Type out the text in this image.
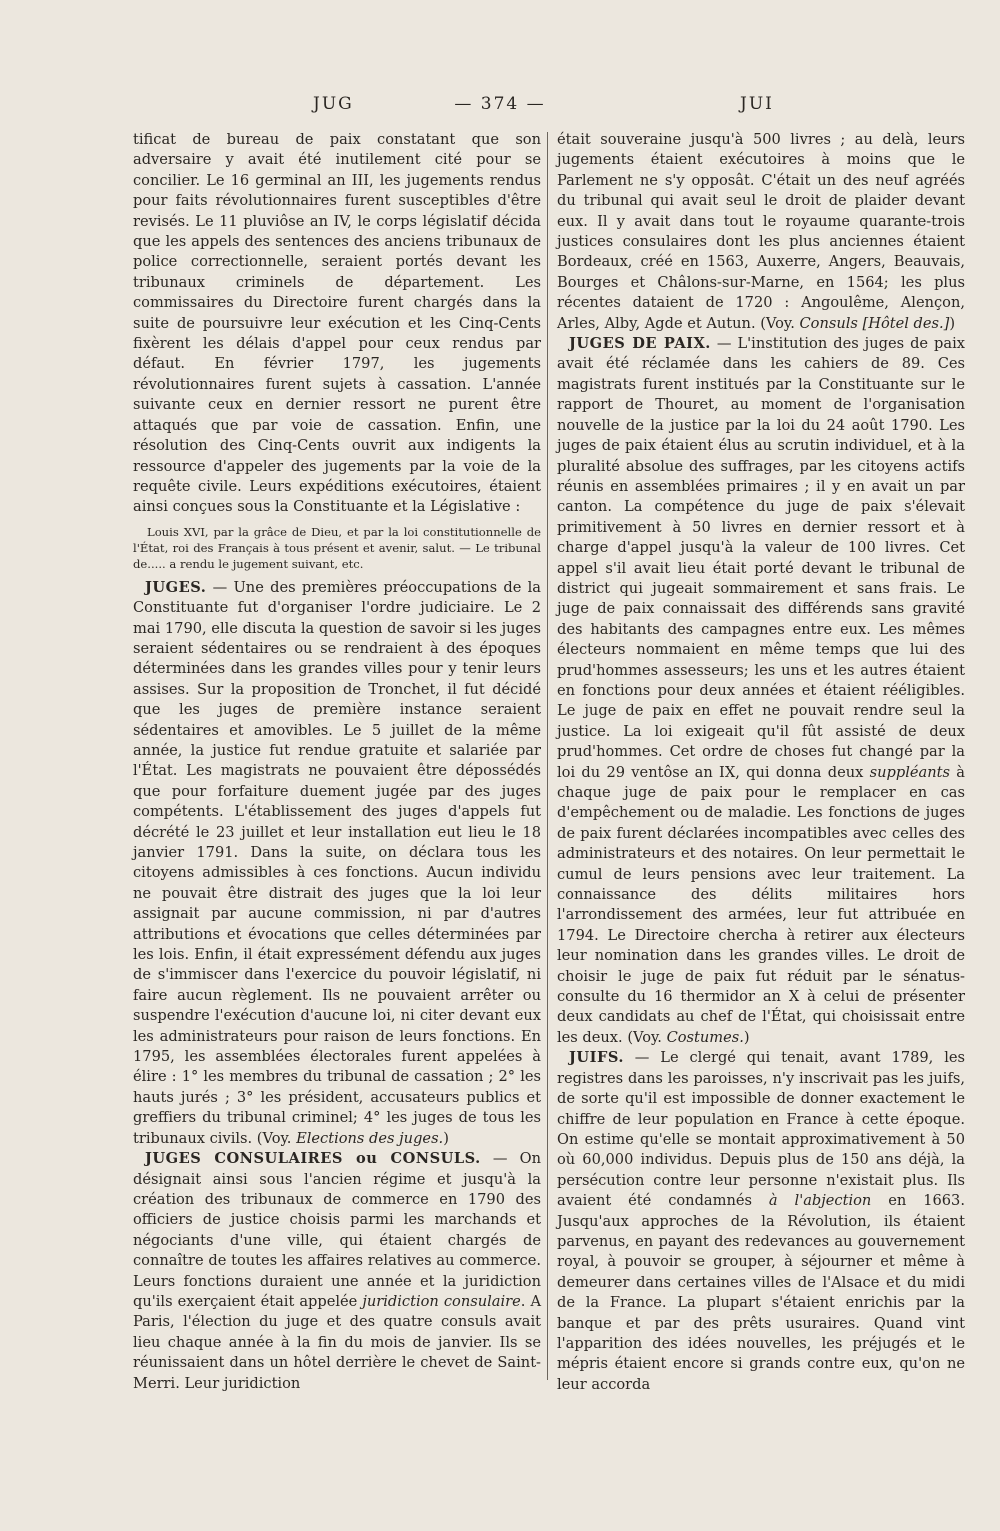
JUG	— 374 —	JUI

tificat de bureau de paix constatant que son adversaire y avait été inutilement cité pour se concilier. Le 16 germinal an III, les jugements rendus pour faits révolutionnaires furent susceptibles d'être revisés. Le 11 pluviôse an IV, le corps législatif décida que les appels des sentences des anciens tribunaux de police correctionnelle, seraient portés devant les tribunaux criminels de département. Les commissaires du Directoire furent chargés dans la suite de poursuivre leur exécution et les Cinq-Cents fixèrent les délais d'appel pour ceux rendus par défaut. En février 1797, les jugements révolutionnaires furent sujets à cassation. L'année suivante ceux en dernier ressort ne purent être attaqués que par voie de cassation. Enfin, une résolution des Cinq-Cents ouvrit aux indigents la ressource d'appeler des jugements par la voie de la requête civile. Leurs expéditions exécutoires, étaient ainsi conçues sous la Constituante et la Législative :

Louis XVI, par la grâce de Dieu, et par la loi constitutionnelle de l'État, roi des Français à tous présent et avenir, salut. — Le tribunal de..... a rendu le jugement suivant, etc.

JUGES. — Une des premières préoccupations de la Constituante fut d'organiser l'ordre judiciaire. Le 2 mai 1790, elle discuta la question de savoir si les juges seraient sédentaires ou se rendraient à des époques déterminées dans les grandes villes pour y tenir leurs assises. Sur la proposition de Tronchet, il fut décidé que les juges de première instance seraient sédentaires et amovibles. Le 5 juillet de la même année, la justice fut rendue gratuite et salariée par l'État. Les magistrats ne pouvaient être dépossédés que pour forfaiture duement jugée par des juges compétents. L'établissement des juges d'appels fut décrété le 23 juillet et leur installation eut lieu le 18 janvier 1791. Dans la suite, on déclara tous les citoyens admissibles à ces fonctions. Aucun individu ne pouvait être distrait des juges que la loi leur assignait par aucune commission, ni par d'autres attributions et évocations que celles déterminées par les lois. Enfin, il était expressément défendu aux juges de s'immiscer dans l'exercice du pouvoir législatif, ni faire aucun règlement. Ils ne pouvaient arrêter ou suspendre l'exécution d'aucune loi, ni citer devant eux les administrateurs pour raison de leurs fonctions. En 1795, les assemblées électorales furent appelées à élire : 1° les membres du tribunal de cassation ; 2° les hauts jurés ; 3° les président, accusateurs publics et greffiers du tribunal criminel; 4° les juges de tous les tribunaux civils. (Voy. Elections des juges.)

JUGES CONSULAIRES ou CONSULS. — On désignait ainsi sous l'ancien régime et jusqu'à la création des tribunaux de commerce en 1790 des officiers de justice choisis parmi les marchands et négociants d'une ville, qui étaient chargés de connaître de toutes les affaires relatives au commerce. Leurs fonctions duraient une année et la juridiction qu'ils exerçaient était appelée juridiction consulaire. A Paris, l'élection du juge et des quatre consuls avait lieu chaque année à la fin du mois de janvier. Ils se réunissaient dans un hôtel derrière le chevet de Saint-Merri. Leur juridiction

était souveraine jusqu'à 500 livres ; au delà, leurs jugements étaient exécutoires à moins que le Parlement ne s'y opposât. C'était un des neuf agréés du tribunal qui avait seul le droit de plaider devant eux. Il y avait dans tout le royaume quarante-trois justices consulaires dont les plus anciennes étaient Bordeaux, créé en 1563, Auxerre, Angers, Beauvais, Bourges et Châlons-sur-Marne, en 1564; les plus récentes dataient de 1720 : Angoulême, Alençon, Arles, Alby, Agde et Autun. (Voy. Consuls [Hôtel des.])

JUGES DE PAIX. — L'institution des juges de paix avait été réclamée dans les cahiers de 89. Ces magistrats furent institués par la Constituante sur le rapport de Thouret, au moment de l'organisation nouvelle de la justice par la loi du 24 août 1790. Les juges de paix étaient élus au scrutin individuel, et à la pluralité absolue des suffrages, par les citoyens actifs réunis en assemblées primaires ; il y en avait un par canton. La compétence du juge de paix s'élevait primitivement à 50 livres en dernier ressort et à charge d'appel jusqu'à la valeur de 100 livres. Cet appel s'il avait lieu était porté devant le tribunal de district qui jugeait sommairement et sans frais. Le juge de paix connaissait des différends sans gravité des habitants des campagnes entre eux. Les mêmes électeurs nommaient en même temps que lui des prud'hommes assesseurs; les uns et les autres étaient en fonctions pour deux années et étaient rééligibles. Le juge de paix en effet ne pouvait rendre seul la justice. La loi exigeait qu'il fût assisté de deux prud'hommes. Cet ordre de choses fut changé par la loi du 29 ventôse an IX, qui donna deux suppléants à chaque juge de paix pour le remplacer en cas d'empêchement ou de maladie. Les fonctions de juges de paix furent déclarées incompatibles avec celles des administrateurs et des notaires. On leur permettait le cumul de leurs pensions avec leur traitement. La connaissance des délits militaires hors l'arrondissement des armées, leur fut attribuée en 1794. Le Directoire chercha à retirer aux électeurs leur nomination dans les grandes villes. Le droit de choisir le juge de paix fut réduit par le sénatus-consulte du 16 thermidor an X à celui de présenter deux candidats au chef de l'État, qui choisissait entre les deux. (Voy. Costumes.)

JUIFS. — Le clergé qui tenait, avant 1789, les registres dans les paroisses, n'y inscrivait pas les juifs, de sorte qu'il est impossible de donner exactement le chiffre de leur population en France à cette époque. On estime qu'elle se montait approximativement à 50 où 60,000 individus. Depuis plus de 150 ans déjà, la persécution contre leur personne n'existait plus. Ils avaient été condamnés à l'abjection en 1663. Jusqu'aux approches de la Révolution, ils étaient parvenus, en payant des redevances au gouvernement royal, à pouvoir se grouper, à séjourner et même à demeurer dans certaines villes de l'Alsace et du midi de la France. La plupart s'étaient enrichis par la banque et par des prêts usuraires. Quand vint l'apparition des idées nouvelles, les préjugés et le mépris étaient encore si grands contre eux, qu'on ne leur accorda
